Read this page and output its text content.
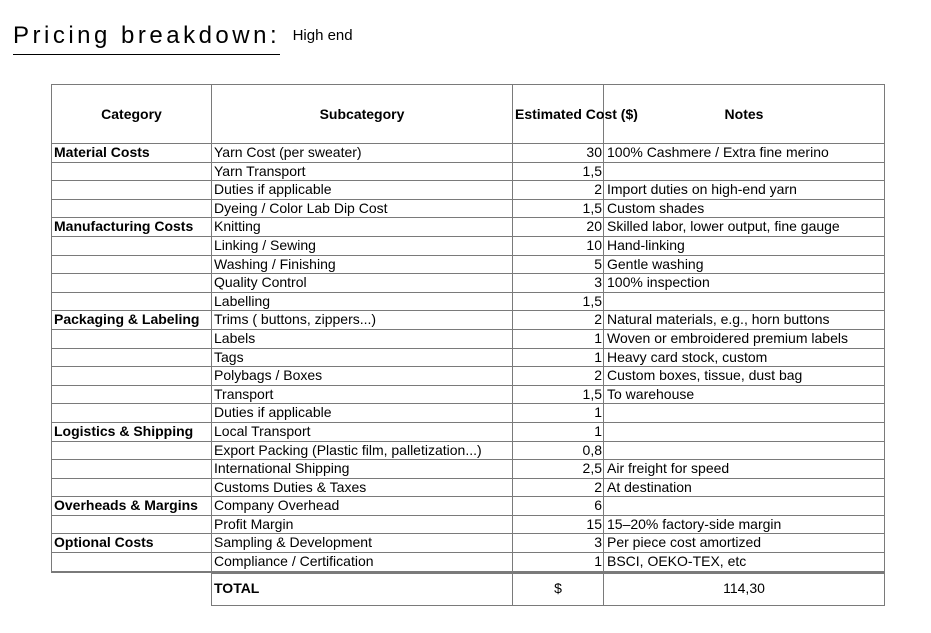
Pricing breakdown: High end
Category	Subcategory	Estimated Cost ($)	Notes
Material Costs	Yarn Cost (per sweater)	30	100% Cashmere / Extra fine merino
	Yarn Transport	1,5	
	Duties if applicable	2	Import duties on high-end yarn
	Dyeing / Color Lab Dip Cost	1,5	Custom shades
Manufacturing Costs	Knitting	20	Skilled labor, lower output, fine gauge
	Linking / Sewing	10	Hand-linking
	Washing / Finishing	5	Gentle washing
	Quality Control	3	100% inspection
	Labelling	1,5	
Packaging & Labeling	Trims ( buttons, zippers...)	2	Natural materials, e.g., horn buttons
	Labels	1	Woven or embroidered premium labels
	Tags	1	Heavy card stock, custom
	Polybags / Boxes	2	Custom boxes, tissue, dust bag
	Transport	1,5	To warehouse
	Duties if applicable	1	
Logistics & Shipping	Local Transport	1	
	Export Packing (Plastic film, palletization...)	0,8	
	International Shipping	2,5	Air freight for speed
	Customs Duties & Taxes	2	At destination
Overheads & Margins	Company Overhead	6	
	Profit Margin	15	15–20% factory-side margin
Optional Costs	Sampling & Development	3	Per piece cost amortized
	Compliance / Certification	1	BSCI, OEKO-TEX, etc

	TOTAL	$	114,30
